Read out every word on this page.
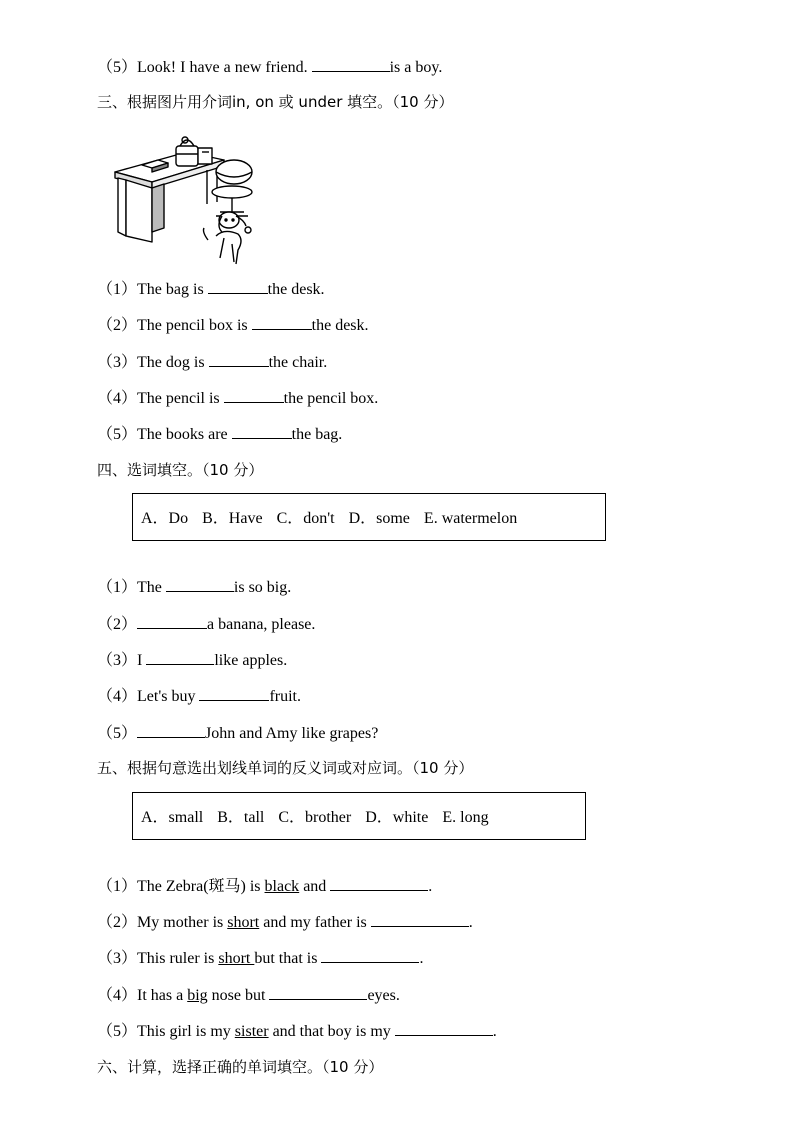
（5）Look! I have a new friend.	is a boy.
三、根据图片用介词in, on 或 under 填空。（10 分）
（1）The bag is	the desk.
（2）The pencil box is	the desk.
（3）The dog is	the chair.
（4）The pencil is	the pencil box.
（5）The books are	the bag.
四、选词填空。（10 分）
A．Do B．Have C．don't D．some E. watermelon
（1）The	is so big.
（2）	a banana, please.
（3）I	like apples.
（4）Let's buy	fruit.
（5）	John and Amy like grapes?
五、根据句意选出划线单词的反义词或对应词。（10 分）
A．small B．tall C．brother D．white E. long
（1）The Zebra(斑马) is black and	.
（2）My mother is short and my father is	.
（3）This ruler is short but that is	.
（4）It has a big nose but	eyes.
（5）This girl is my sister and that boy is my	.
六、计算，选择正确的单词填空。（10 分）
